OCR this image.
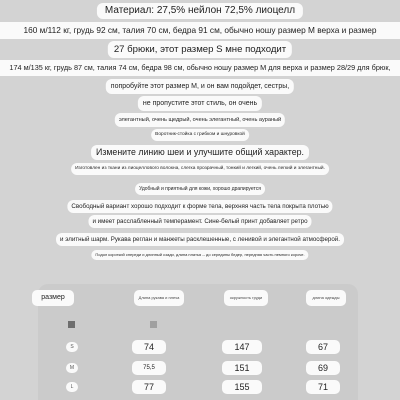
Материал: 27,5% нейлон 72,5% лиоцелл
160 м/112 кг, грудь 92 см, талия 70 см, бедра 91 см, обычно ношу размер M верха и размер
27 брюки, этот размер S мне подходит
174 м/135 кг, грудь 87 см, талия 74 см, бедра 98 см, обычно ношу размер M для верха и размер 28/29 для брюк,
попробуйте этот размер M, и он вам подойдет, сестры,
не пропустите этот стиль, он очень
элегантный, очень щедрый, очень элегантный, очень аураный
Воротник-стойка с грибком и шнуровкой
Измените линию шеи и улучшите общий характер.
Изготовлен из ткани из лиоцеллового волокна, слегка прозрачный, тонкий и легкий, очень легкий и элегантный.
Удобный и приятный для кожи, хорошо драпируется
Свободный вариант хорошо подходит к форме тела, верхняя часть тела покрыта плотью
и имеет расслабленный темперамент. Сине-белый принт добавляет ретро
и элитный шарм. Рукава реглан и манжеты расклешенные, с ленивой и элегантной атмосферой.
Подол короткий спереди и длинный сзади, длина платья -- до середины бедер, передняя часть немного короче.
размер	Длина рукава и плеча	окружность груди	длина одежды
S	74	147	67
M	75,5	151	69
L	77	155	71
